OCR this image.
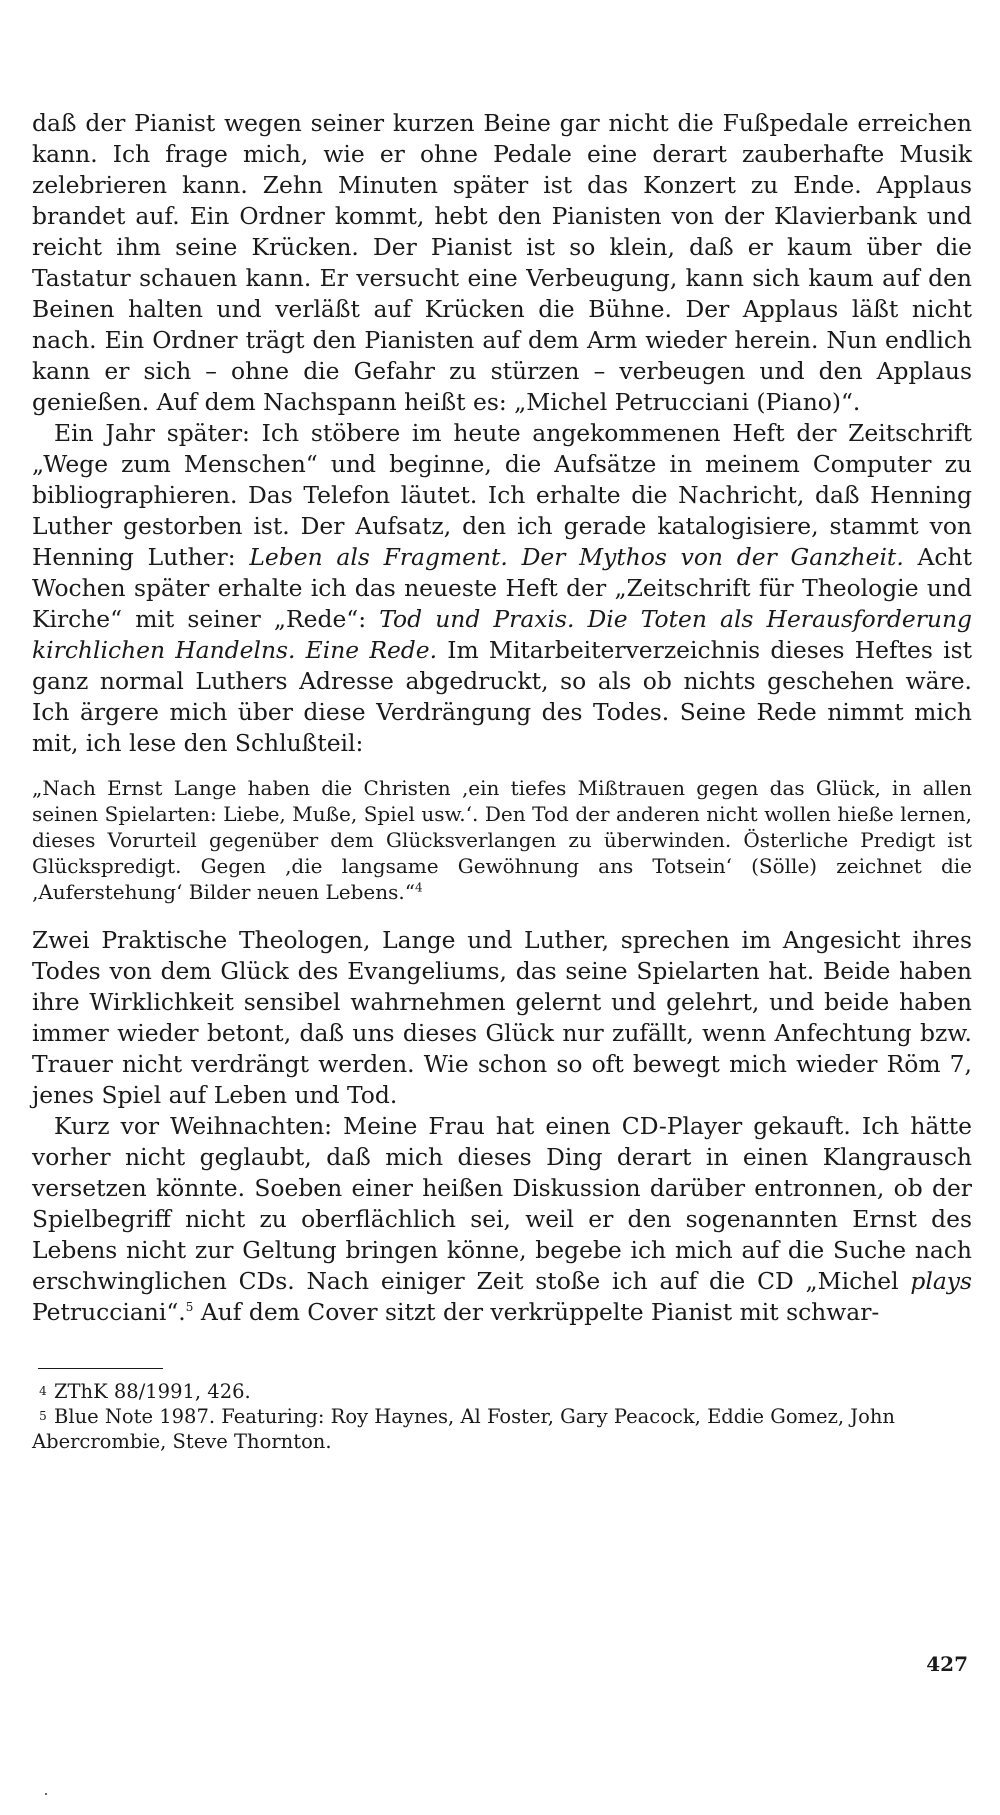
daß der Pianist wegen seiner kurzen Beine gar nicht die Fußpedale erreichen kann. Ich frage mich, wie er ohne Pedale eine derart zauberhafte Musik zelebrieren kann. Zehn Minuten später ist das Konzert zu Ende. Applaus brandet auf. Ein Ordner kommt, hebt den Pianisten von der Klavierbank und reicht ihm seine Krücken. Der Pianist ist so klein, daß er kaum über die Tastatur schauen kann. Er versucht eine Verbeugung, kann sich kaum auf den Beinen halten und verläßt auf Krücken die Bühne. Der Applaus läßt nicht nach. Ein Ordner trägt den Pianisten auf dem Arm wieder herein. Nun endlich kann er sich – ohne die Gefahr zu stürzen – verbeugen und den Applaus genießen. Auf dem Nachspann heißt es: „Michel Petrucciani (Piano)“.

Ein Jahr später: Ich stöbere im heute angekommenen Heft der Zeitschrift „Wege zum Menschen“ und beginne, die Aufsätze in meinem Computer zu bibliographieren. Das Telefon läutet. Ich erhalte die Nachricht, daß Henning Luther gestorben ist. Der Aufsatz, den ich gerade katalogisiere, stammt von Henning Luther: Leben als Fragment. Der Mythos von der Ganzheit. Acht Wochen später erhalte ich das neueste Heft der „Zeitschrift für Theologie und Kirche“ mit seiner „Rede“: Tod und Praxis. Die Toten als Herausforderung kirchlichen Handelns. Eine Rede. Im Mitarbeiterverzeichnis dieses Heftes ist ganz normal Luthers Adresse abgedruckt, so als ob nichts geschehen wäre. Ich ärgere mich über diese Verdrängung des Todes. Seine Rede nimmt mich mit, ich lese den Schlußteil:

„Nach Ernst Lange haben die Christen ‚ein tiefes Mißtrauen gegen das Glück, in allen seinen Spielarten: Liebe, Muße, Spiel usw.‘. Den Tod der anderen nicht wollen hieße lernen, dieses Vorurteil gegenüber dem Glücksverlangen zu überwinden. Österliche Predigt ist Glückspredigt. Gegen ‚die langsame Gewöhnung ans Totsein‘ (Sölle) zeichnet die ‚Auferstehung‘ Bilder neuen Lebens.“$^4$

Zwei Praktische Theologen, Lange und Luther, sprechen im Angesicht ihres Todes von dem Glück des Evangeliums, das seine Spielarten hat. Beide haben ihre Wirklichkeit sensibel wahrnehmen gelernt und gelehrt, und beide haben immer wieder betont, daß uns dieses Glück nur zufällt, wenn Anfechtung bzw. Trauer nicht verdrängt werden. Wie schon so oft bewegt mich wieder Röm 7, jenes Spiel auf Leben und Tod.

Kurz vor Weihnachten: Meine Frau hat einen CD-Player gekauft. Ich hätte vorher nicht geglaubt, daß mich dieses Ding derart in einen Klangrausch versetzen könnte. Soeben einer heißen Diskussion darüber entronnen, ob der Spielbegriff nicht zu oberflächlich sei, weil er den sogenannten Ernst des Lebens nicht zur Geltung bringen könne, begebe ich mich auf die Suche nach erschwinglichen CDs. Nach einiger Zeit stoße ich auf die CD „Michel plays Petrucciani“.$^5$ Auf dem Cover sitzt der verkrüppelte Pianist mit schwar-

4 ZThK 88/1991, 426.

5 Blue Note 1987. Featuring: Roy Haynes, Al Foster, Gary Peacock, Eddie Gomez, John Abercrombie, Steve Thornton.

427
